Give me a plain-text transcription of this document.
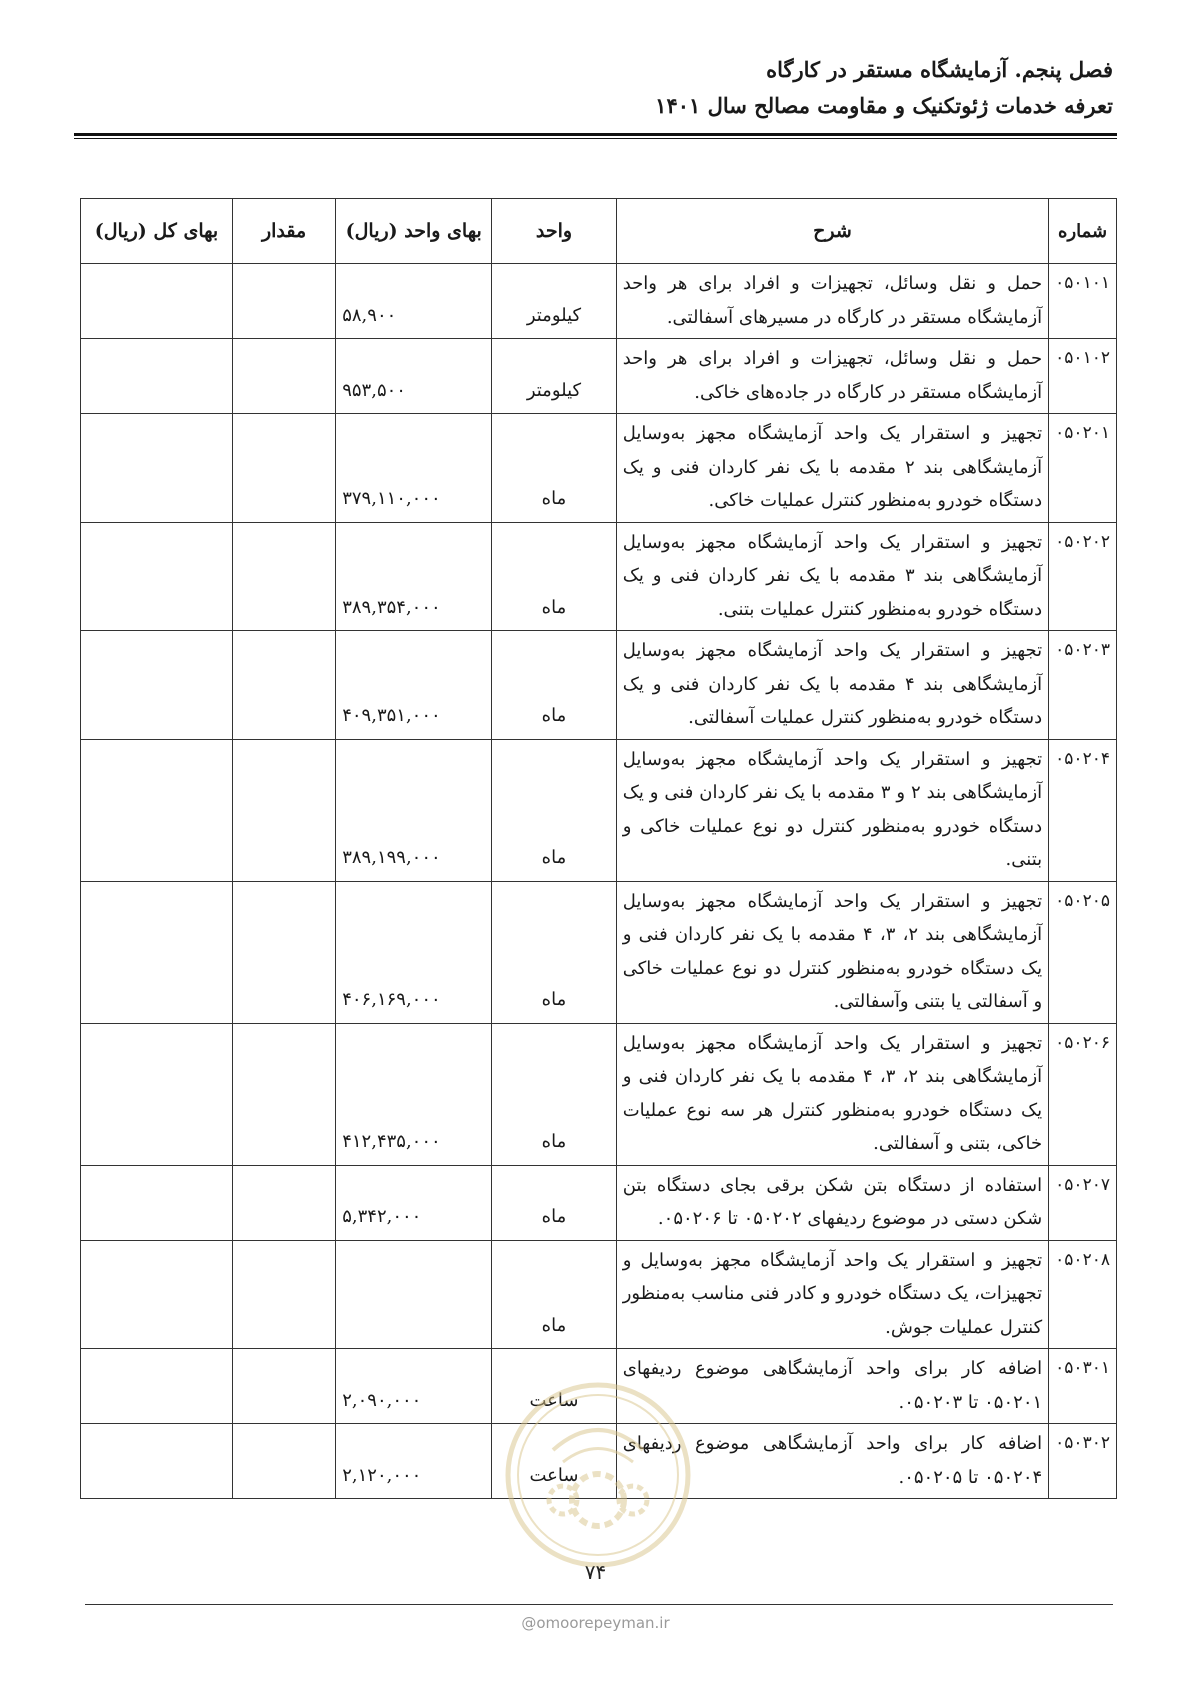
فصل پنجم. آزمایشگاه مستقر در کارگاه
تعرفه خدمات ژئوتکنیک و مقاومت مصالح سال ۱۴۰۱
شماره	شرح	واحد	بهای واحد (ریال)	مقدار	بهای کل (ریال)
۰۵۰۱۰۱	حمل و نقل وسائل، تجهیزات و افراد برای هر واحد آزمایشگاه مستقر در کارگاه در مسیرهای آسفالتی.	کیلومتر	۵۸,۹۰۰		
۰۵۰۱۰۲	حمل و نقل وسائل، تجهیزات و افراد برای هر واحد آزمایشگاه مستقر در کارگاه در جاده‌های خاکی.	کیلومتر	۹۵۳,۵۰۰		
۰۵۰۲۰۱	تجهیز و استقرار یک واحد آزمایشگاه مجهز به‌وسایل آزمایشگاهی بند ۲ مقدمه با یک نفر کاردان فنی و یک دستگاه خودرو به‌منظور کنترل عملیات خاکی.	ماه	۳۷۹,۱۱۰,۰۰۰		
۰۵۰۲۰۲	تجهیز و استقرار یک واحد آزمایشگاه مجهز به‌وسایل آزمایشگاهی بند ۳ مقدمه با یک نفر کاردان فنی و یک دستگاه خودرو به‌منظور کنترل عملیات بتنی.	ماه	۳۸۹,۳۵۴,۰۰۰		
۰۵۰۲۰۳	تجهیز و استقرار یک واحد آزمایشگاه مجهز به‌وسایل آزمایشگاهی بند ۴ مقدمه با یک نفر کاردان فنی و یک دستگاه خودرو به‌منظور کنترل عملیات آسفالتی.	ماه	۴۰۹,۳۵۱,۰۰۰		
۰۵۰۲۰۴	تجهیز و استقرار یک واحد آزمایشگاه مجهز به‌وسایل آزمایشگاهی بند ۲ و ۳ مقدمه با یک نفر کاردان فنی و یک دستگاه خودرو به‌منظور کنترل دو نوع عملیات خاکی و بتنی.	ماه	۳۸۹,۱۹۹,۰۰۰		
۰۵۰۲۰۵	تجهیز و استقرار یک واحد آزمایشگاه مجهز به‌وسایل آزمایشگاهی بند ۲، ۳، ۴ مقدمه با یک نفر کاردان فنی و یک دستگاه خودرو به‌منظور کنترل دو نوع عملیات خاکی و آسفالتی یا بتنی وآسفالتی.	ماه	۴۰۶,۱۶۹,۰۰۰		
۰۵۰۲۰۶	تجهیز و استقرار یک واحد آزمایشگاه مجهز به‌وسایل آزمایشگاهی بند ۲، ۳، ۴ مقدمه با یک نفر کاردان فنی و یک دستگاه خودرو به‌منظور کنترل هر سه نوع عملیات خاکی، بتنی و آسفالتی.	ماه	۴۱۲,۴۳۵,۰۰۰		
۰۵۰۲۰۷	استفاده از دستگاه بتن شکن برقی بجای دستگاه بتن شکن دستی در موضوع ردیفهای ۰۵۰۲۰۲ تا ۰۵۰۲۰۶.	ماه	۵,۳۴۲,۰۰۰		
۰۵۰۲۰۸	تجهیز و استقرار یک واحد آزمایشگاه مجهز به‌وسایل و تجهیزات، یک دستگاه خودرو و کادر فنی مناسب به‌منظور کنترل عملیات جوش.	ماه			
۰۵۰۳۰۱	اضافه کار برای واحد آزمایشگاهی موضوع ردیفهای ۰۵۰۲۰۱ تا ۰۵۰۲۰۳.	ساعت	۲,۰۹۰,۰۰۰		
۰۵۰۳۰۲	اضافه کار برای واحد آزمایشگاهی موضوع ردیفهای ۰۵۰۲۰۴ تا ۰۵۰۲۰۵.	ساعت	۲,۱۲۰,۰۰۰		
۷۴
@omoorepeyman.ir
